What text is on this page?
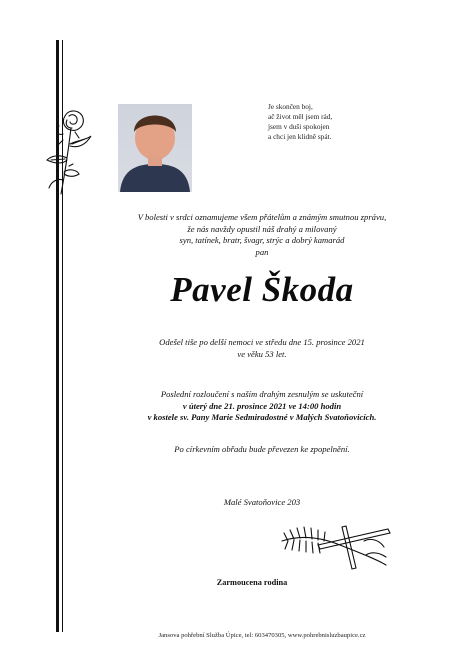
Je skončen boj,
ač život měl jsem rád,
jsem v duši spokojen
a chci jen klidně spát.
V bolesti v srdci oznamujeme všem přátelům a známým smutnou zprávu,
že nás navždy opustil náš drahý a milovaný
syn, tatínek, bratr, švagr, strýc a dobrý kamarád
pan
Pavel Škoda
Odešel tiše po delší nemoci ve středu dne 15. prosince 2021
ve věku 53 let.
Poslední rozloučení s naším drahým zesnulým se uskuteční
v úterý dne 21. prosince 2021 ve 14:00 hodin
v kostele sv. Pany Marie Sedmiradostné v Malých Svatoňovicích.
Po církevním obřadu bude převezen ke zpopelnění.
Malé Svatoňovice 203
Zarmoucena rodina
Jansova pohřební Služba Úpice, tel: 603470305, www.pohrebnisluzbaupice.cz
